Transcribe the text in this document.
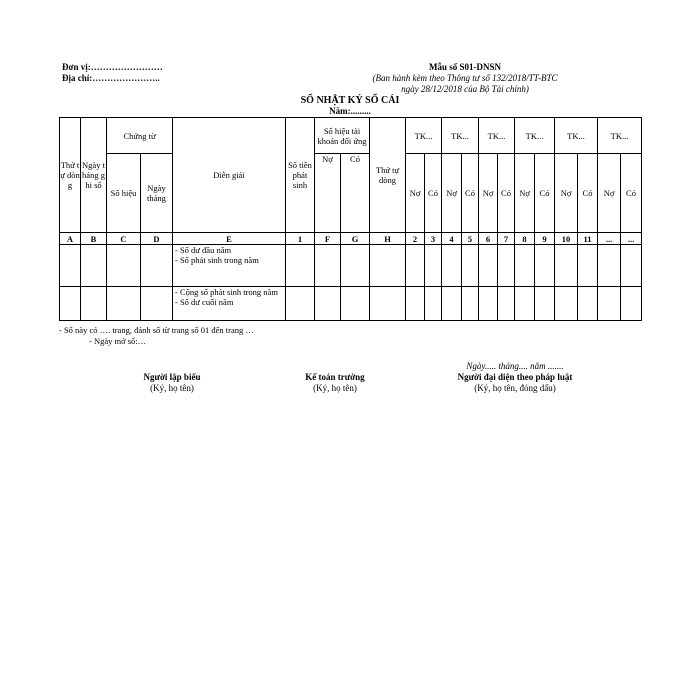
Đơn vị:……………………
Địa chỉ:…………………..
Mẫu số S01-DNSN
(Ban hành kèm theo Thông tư số 132/2018/TT-BTC
ngày 28/12/2018 của Bộ Tài chính)
SỔ NHẬT KÝ SỔ CÁI
Năm:.........
Thứ tự dòng	Ngày tháng ghi sổ	Chứng từ		Diễn giải	Số tiền phát sinh	Số hiệu tài khoản đối ứng		Thứ tự dòng	TK...		TK...		TK...		TK...		TK...		TK...	
		Số hiệu	Ngày tháng			Nợ	Có		Nợ	Có	Nợ	Có	Nợ	Có	Nợ	Có	Nợ	Có	Nợ	Có
A	B	C	D	E	1	F	G	H	2	3	4	5	6	7	8	9	10	11	...	...

				- Số dư đầu năm
- Số phát sinh trong năm																

				- Cộng số phát sinh trong năm
- Số dư cuối năm																

- Sổ này có …. trang, đánh số từ trang số 01 đến trang …
- Ngày mở sổ:…
Ngày..... tháng.... năm .......
Người lập biểu
(Ký, họ tên)
Kế toán trưởng
(Ký, họ tên)
Người đại diện theo pháp luật
(Ký, họ tên, đóng dấu)
